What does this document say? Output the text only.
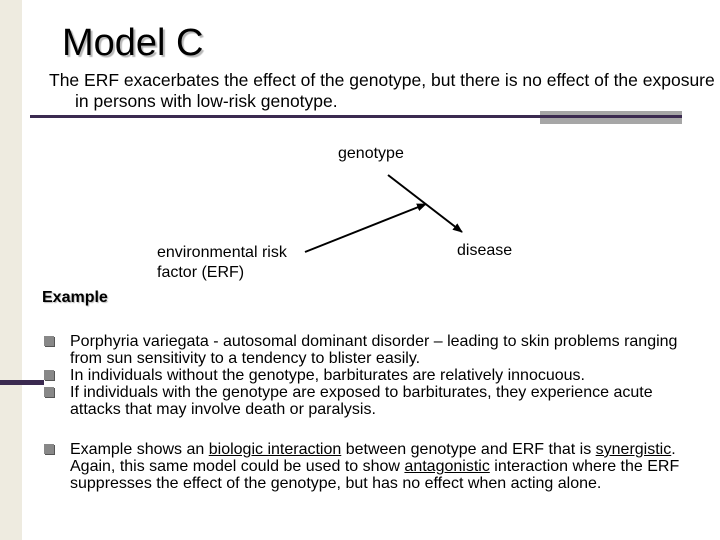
Model C
The ERF exacerbates the effect of the genotype, but there is no effect of the exposure in persons with low-risk genotype.
genotype
environmental risk
factor (ERF)
disease
Example
Porphyria variegata - autosomal dominant disorder – leading to skin problems ranging from sun sensitivity to a tendency to blister easily.
In individuals without the genotype, barbiturates are relatively innocuous.
If individuals with the genotype are exposed to barbiturates, they experience acute attacks that may involve death or paralysis.
Example shows an biologic interaction between genotype and ERF that is synergistic. Again, this same model could be used to show antagonistic interaction where the ERF suppresses the effect of the genotype, but has no effect when acting alone.
